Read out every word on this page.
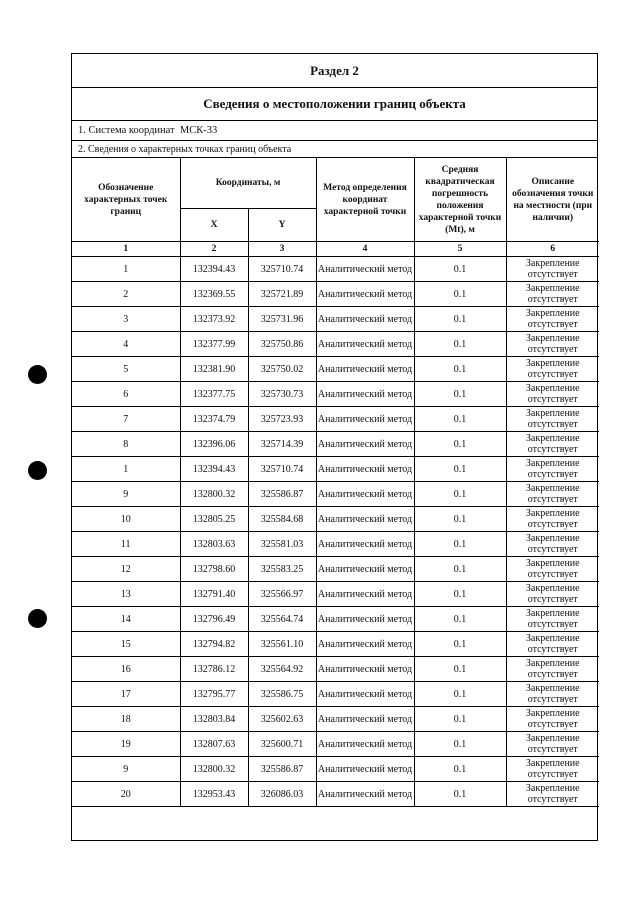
Раздел 2
Сведения о местоположении границ объекта
1. Система координат
МСК-33
2. Сведения о характерных точках границ объекта
Обозначение характерных точек границ	Координаты, м		Метод определения координат характерной точки	Средняя квадратическая погрешность положения характерной точки (Mt), м	Описание обозначения точки на местности (при наличии)
	X	Y			
1	2	3	4	5	6
1	132394.43	325710.74	Аналитический метод	0.1	Закрепление отсутствует
2	132369.55	325721.89	Аналитический метод	0.1	Закрепление отсутствует
3	132373.92	325731.96	Аналитический метод	0.1	Закрепление отсутствует
4	132377.99	325750.86	Аналитический метод	0.1	Закрепление отсутствует
5	132381.90	325750.02	Аналитический метод	0.1	Закрепление отсутствует
6	132377.75	325730.73	Аналитический метод	0.1	Закрепление отсутствует
7	132374.79	325723.93	Аналитический метод	0.1	Закрепление отсутствует
8	132396.06	325714.39	Аналитический метод	0.1	Закрепление отсутствует
1	132394.43	325710.74	Аналитический метод	0.1	Закрепление отсутствует
9	132800.32	325586.87	Аналитический метод	0.1	Закрепление отсутствует
10	132805.25	325584.68	Аналитический метод	0.1	Закрепление отсутствует
11	132803.63	325581.03	Аналитический метод	0.1	Закрепление отсутствует
12	132798.60	325583.25	Аналитический метод	0.1	Закрепление отсутствует
13	132791.40	325566.97	Аналитический метод	0.1	Закрепление отсутствует
14	132796.49	325564.74	Аналитический метод	0.1	Закрепление отсутствует
15	132794.82	325561.10	Аналитический метод	0.1	Закрепление отсутствует
16	132786.12	325564.92	Аналитический метод	0.1	Закрепление отсутствует
17	132795.77	325586.75	Аналитический метод	0.1	Закрепление отсутствует
18	132803.84	325602.63	Аналитический метод	0.1	Закрепление отсутствует
19	132807.63	325600.71	Аналитический метод	0.1	Закрепление отсутствует
9	132800.32	325586.87	Аналитический метод	0.1	Закрепление отсутствует
20	132953.43	326086.03	Аналитический метод	0.1	Закрепление отсутствует
